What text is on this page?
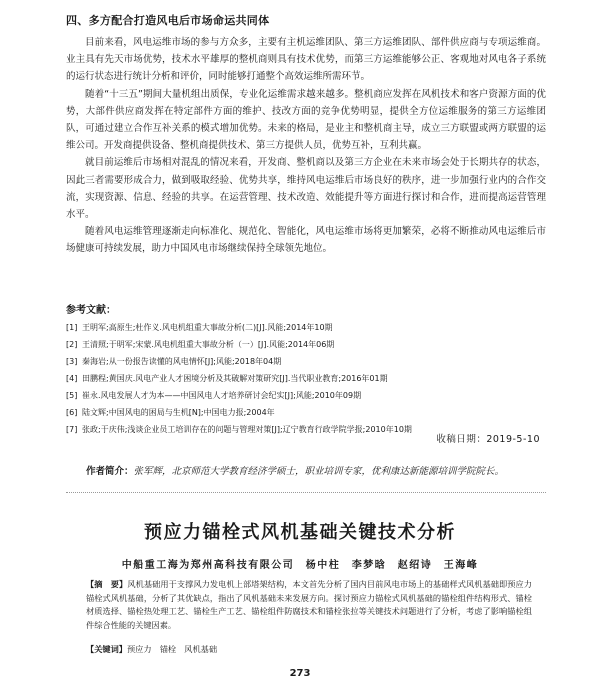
四、多方配合打造风电后市场命运共同体

目前来看，风电运维市场的参与方众多，主要有主机运维团队、第三方运维团队、部件供应商与专项运维商。业主具有先天市场优势，技术水平雄厚的整机商则具有技术优势，而第三方运维能够公正、客观地对风电各子系统的运行状态进行统计分析和评价，同时能够打通整个高效运维所需环节。

随着“十三五”期间大量机组出质保，专业化运维需求越来越多。整机商应发挥在风机技术和客户资源方面的优势，大部件供应商发挥在特定部件方面的维护、技改方面的竞争优势明显，提供全方位运维服务的第三方运维团队，可通过建立合作互补关系的模式增加优势。未来的格局，是业主和整机商主导，成立三方联盟或两方联盟的运维公司。开发商提供设备、整机商提供技术、第三方提供人员，优势互补，互利共赢。

就目前运维后市场相对混乱的情况来看，开发商、整机商以及第三方企业在未来市场会处于长期共存的状态，因此三者需要形成合力，做到吸取经验、优势共享，维持风电运维后市场良好的秩序，进一步加强行业内的合作交流，实现资源、信息、经验的共享。在运营管理、技术改造、效能提升等方面进行探讨和合作，进而提高运营管理水平。

随着风电运维管理逐渐走向标准化、规范化、智能化，风电运维市场将更加繁荣，必将不断推动风电运维后市场健康可持续发展，助力中国风电市场继续保持全球领先地位。

参考文献：
[1] 王明军;高原生;杜作义.风电机组重大事故分析(二)[J].风能;2014年10期
[2] 王清照;于明军;宋蒙.风电机组重大事故分析（一）[J].风能;2014年06期
[3] 秦海岩;从一份报告读懂的风电情怀[J];风能;2018年04期
[4] 田鹏程;黄国庆.风电产业人才困境分析及其破解对策研究[J].当代职业教育;2016年01期
[5] 崔永.风电发展人才为本——中国风电人才培养研讨会纪实[J];风能;2010年09期
[6] 陆文辉;中国风电的困局与生机[N];中国电力报;2004年
[7] 张政;于庆伟;浅谈企业员工培训存在的问题与管理对策[J];辽宁教育行政学院学报;2010年10期
收稿日期：2019-5-10
作者简介：张军辉，北京师范大学教育经济学硕士，职业培训专家，优利康达新能源培训学院院长。
预应力锚栓式风机基础关键技术分析
中船重工海为郑州高科技有限公司　杨中柱　李梦晗　赵绍诗　王海峰
【摘　要】风机基础用于支撑风力发电机上部塔架结构，本文首先分析了国内目前风电市场上的基础样式风机基础即预应力锚栓式风机基础，分析了其优缺点，指出了风机基础未来发展方向。探讨预应力锚栓式风机基础的锚栓组件结构形式、锚栓材质选择、锚栓热处理工艺、锚栓生产工艺、锚栓组件防腐技术和锚栓张拉等关键技术问题进行了分析，考虑了影响锚栓组件综合性能的关键因素。
【关键词】预应力　锚栓　风机基础
273
